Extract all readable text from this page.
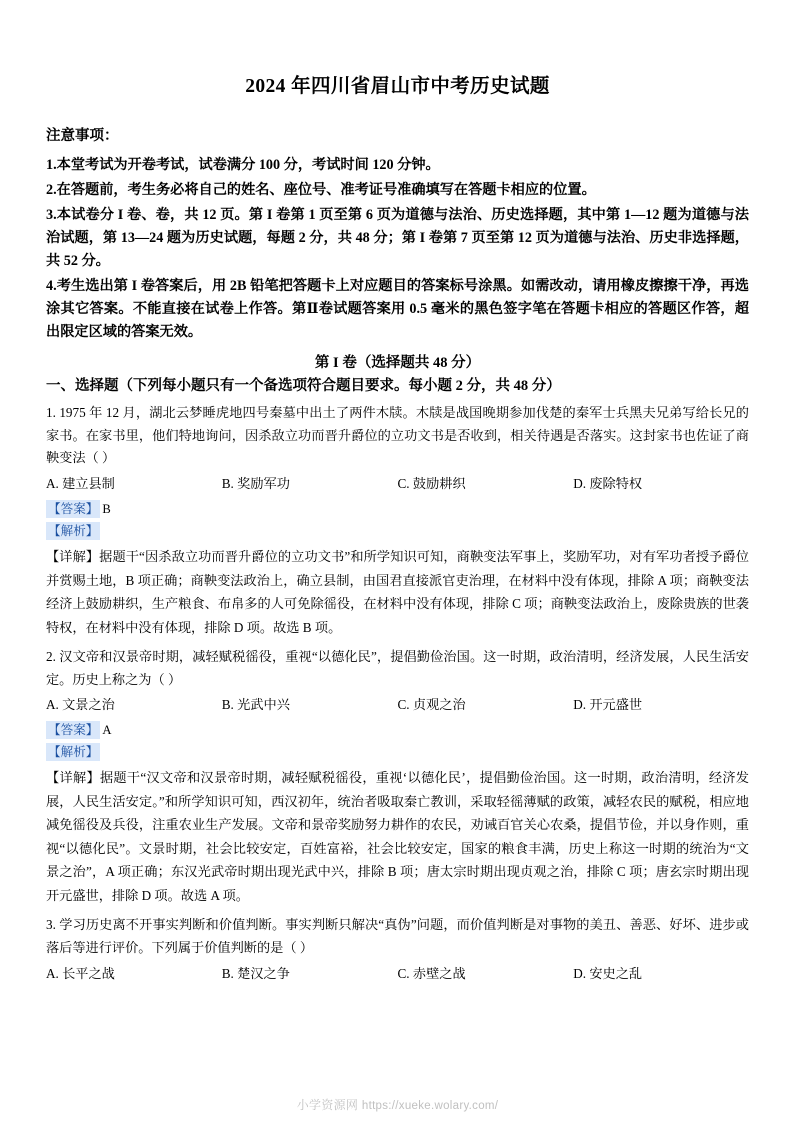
2024 年四川省眉山市中考历史试题
注意事项：
1.本堂考试为开卷考试，试卷满分 100 分，考试时间 120 分钟。
2.在答题前，考生务必将自己的姓名、座位号、准考证号准确填写在答题卡相应的位置。
3.本试卷分 I 卷、卷，共 12 页。第 I 卷第 1 页至第 6 页为道德与法治、历史选择题，其中第 1—12 题为道德与法治试题，第 13—24 题为历史试题，每题 2 分，共 48 分；第 I 卷第 7 页至第 12 页为道德与法治、历史非选择题，共 52 分。
4.考生选出第 I 卷答案后，用 2B 铅笔把答题卡上对应题目的答案标号涂黑。如需改动，请用橡皮擦擦干净，再选涂其它答案。不能直接在试卷上作答。第Ⅱ卷试题答案用 0.5 毫米的黑色签字笔在答题卡相应的答题区作答，超出限定区域的答案无效。
第 I 卷（选择题共 48 分）
一、选择题（下列每小题只有一个备选项符合题目要求。每小题 2 分，共 48 分）
1. 1975 年 12 月，湖北云梦睡虎地四号秦墓中出土了两件木牍。木牍是战国晚期参加伐楚的秦军士兵黑夫兄弟写给长兄的家书。在家书里，他们特地询问，因杀敌立功而晋升爵位的立功文书是否收到，相关待遇是否落实。这封家书也佐证了商鞅变法（ ）
A. 建立县制	B. 奖励军功	C. 鼓励耕织	D. 废除特权
【答案】 B
【解析】
【详解】据题干“因杀敌立功而晋升爵位的立功文书”和所学知识可知，商鞅变法军事上，奖励军功，对有军功者授予爵位并赏赐土地，B 项正确；商鞅变法政治上，确立县制，由国君直接派官吏治理，在材料中没有体现，排除 A 项；商鞅变法经济上鼓励耕织，生产粮食、布帛多的人可免除徭役，在材料中没有体现，排除 C 项；商鞅变法政治上，废除贵族的世袭特权，在材料中没有体现，排除 D 项。故选 B 项。
2. 汉文帝和汉景帝时期，减轻赋税徭役，重视“以德化民”，提倡勤俭治国。这一时期，政治清明，经济发展，人民生活安定。历史上称之为（ ）
A. 文景之治	B. 光武中兴	C. 贞观之治	D. 开元盛世
【答案】 A
【解析】
【详解】据题干“汉文帝和汉景帝时期，减轻赋税徭役，重视‘以德化民’，提倡勤俭治国。这一时期，政治清明，经济发展，人民生活安定。”和所学知识可知，西汉初年，统治者吸取秦亡教训，采取轻徭薄赋的政策，减轻农民的赋税，相应地减免徭役及兵役，注重农业生产发展。文帝和景帝奖励努力耕作的农民，劝诫百官关心农桑，提倡节俭，并以身作则，重视“以德化民”。文景时期，社会比较安定，百姓富裕，社会比较安定，国家的粮食丰满，历史上称这一时期的统治为“文景之治”，A 项正确；东汉光武帝时期出现光武中兴，排除 B 项；唐太宗时期出现贞观之治，排除 C 项；唐玄宗时期出现开元盛世，排除 D 项。故选 A 项。
3. 学习历史离不开事实判断和价值判断。事实判断只解决“真伪”问题，而价值判断是对事物的美丑、善恶、好坏、进步或落后等进行评价。下列属于价值判断的是（ ）
A. 长平之战	B. 楚汉之争	C. 赤壁之战	D. 安史之乱
小学资源网 https://xueke.wolary.com/
